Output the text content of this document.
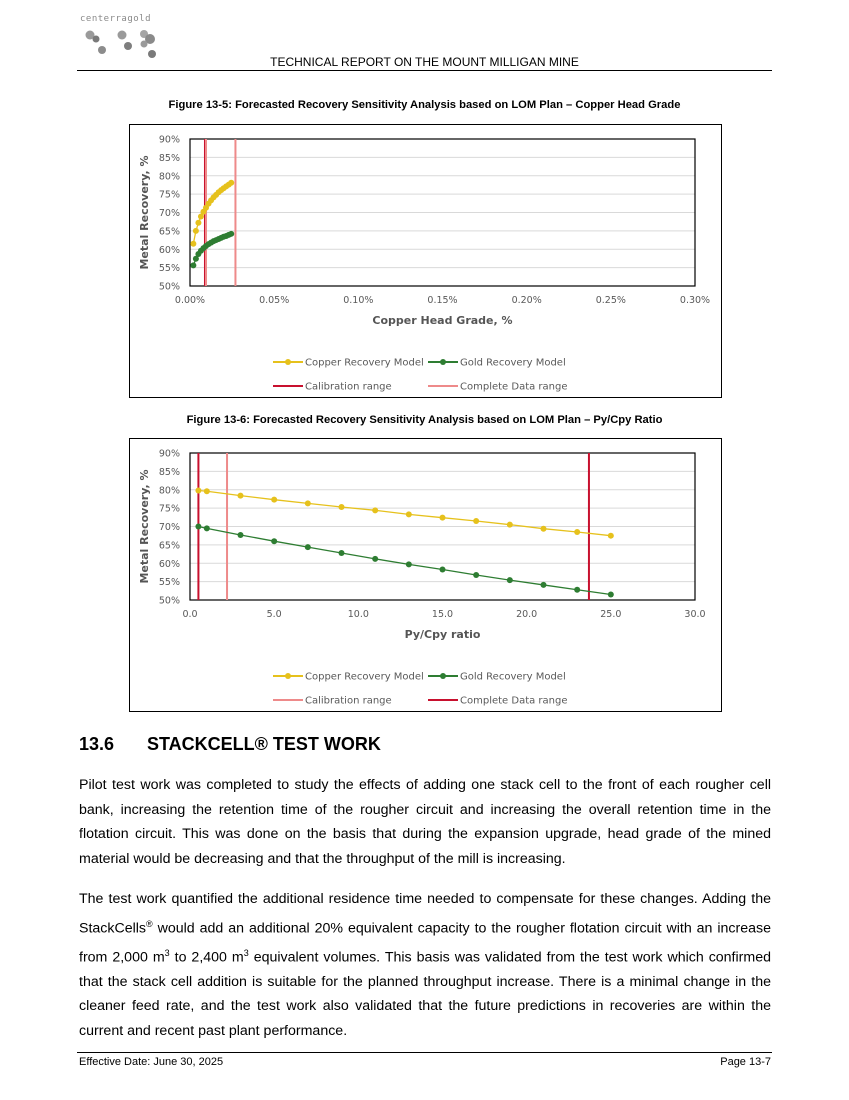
centerragold
TECHNICAL REPORT ON THE MOUNT MILLIGAN MINE
Figure 13-5: Forecasted Recovery Sensitivity Analysis based on LOM Plan – Copper Head Grade
50%
55%
60%
65%
70%
75%
80%
85%
90%
0.00%	0.05%	0.10%	0.15%	0.20%	0.25%	0.30%
Copper Head Grade, %
Metal Recovery, %
Copper Recovery Model	Gold Recovery Model
Calibration range	Complete Data range
Figure 13-6: Forecasted Recovery Sensitivity Analysis based on LOM Plan – Py/Cpy Ratio
50%
55%
60%
65%
70%
75%
80%
85%
90%
0.0	5.0	10.0	15.0	20.0	25.0	30.0
Py/Cpy ratio
Metal Recovery, %
Copper Recovery Model	Gold Recovery Model
Calibration range	Complete Data range
13.6 STACKCELL® TEST WORK
Pilot test work was completed to study the effects of adding one stack cell to the front of each rougher cell bank, increasing the retention time of the rougher circuit and increasing the overall retention time in the flotation circuit. This was done on the basis that during the expansion upgrade, head grade of the mined material would be decreasing and that the throughput of the mill is increasing.
The test work quantified the additional residence time needed to compensate for these changes. Adding the StackCells® would add an additional 20% equivalent capacity to the rougher flotation circuit with an increase from 2,000 $m^3$ to 2,400 $m^3$ equivalent volumes. This basis was validated from the test work which confirmed that the stack cell addition is suitable for the planned throughput increase. There is a minimal change in the cleaner feed rate, and the test work also validated that the future predictions in recoveries are within the current and recent past plant performance.
Effective Date: June 30, 2025	Page 13-7
